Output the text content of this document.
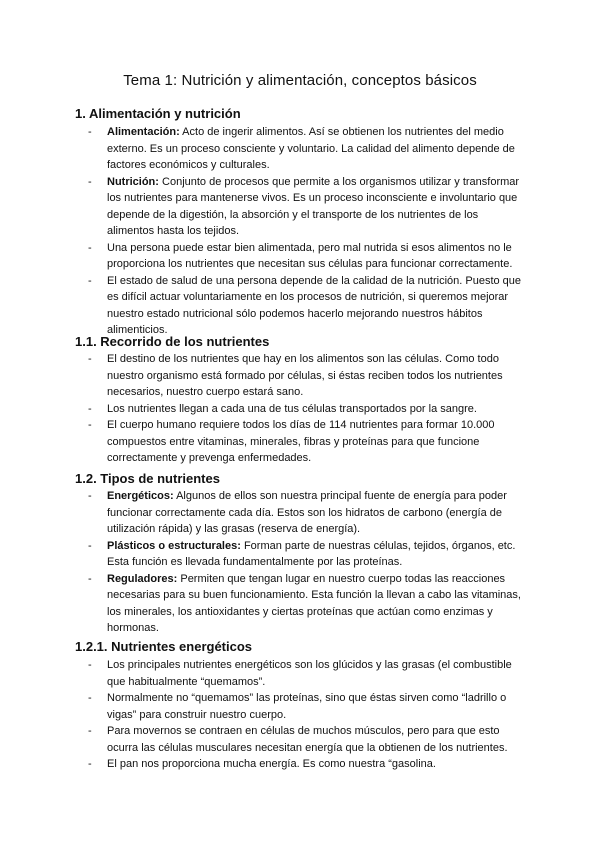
Tema 1: Nutrición y alimentación, conceptos básicos
1. Alimentación y nutrición
- Alimentación: Acto de ingerir alimentos. Así se obtienen los nutrientes del medio externo. Es un proceso consciente y voluntario. La calidad del alimento depende de factores económicos y culturales.
- Nutrición: Conjunto de procesos que permite a los organismos utilizar y transformar los nutrientes para mantenerse vivos. Es un proceso inconsciente e involuntario que depende de la digestión, la absorción y el transporte de los nutrientes de los alimentos hasta los tejidos.
- Una persona puede estar bien alimentada, pero mal nutrida si esos alimentos no le proporciona los nutrientes que necesitan sus células para funcionar correctamente.
- El estado de salud de una persona depende de la calidad de la nutrición. Puesto que es difícil actuar voluntariamente en los procesos de nutrición, si queremos mejorar nuestro estado nutricional sólo podemos hacerlo mejorando nuestros hábitos alimenticios.
1.1. Recorrido de los nutrientes
- El destino de los nutrientes que hay en los alimentos son las células. Como todo nuestro organismo está formado por células, si éstas reciben todos los nutrientes necesarios, nuestro cuerpo estará sano.
- Los nutrientes llegan a cada una de tus células transportados por la sangre.
- El cuerpo humano requiere todos los días de 114 nutrientes para formar 10.000 compuestos entre vitaminas, minerales, fibras y proteínas para que funcione correctamente y prevenga enfermedades.
1.2. Tipos de nutrientes
- Energéticos: Algunos de ellos son nuestra principal fuente de energía para poder funcionar correctamente cada día. Estos son los hidratos de carbono (energía de utilización rápida) y las grasas (reserva de energía).
- Plásticos o estructurales: Forman parte de nuestras células, tejidos, órganos, etc. Esta función es llevada fundamentalmente por las proteínas.
- Reguladores: Permiten que tengan lugar en nuestro cuerpo todas las reacciones necesarias para su buen funcionamiento. Esta función la llevan a cabo las vitaminas, los minerales, los antioxidantes y ciertas proteínas que actúan como enzimas y hormonas.
1.2.1. Nutrientes energéticos
- Los principales nutrientes energéticos son los glúcidos y las grasas (el combustible que habitualmente “quemamos”.
- Normalmente no “quemamos” las proteínas, sino que éstas sirven como “ladrillo o vigas” para construir nuestro cuerpo.
- Para movernos se contraen en células de muchos músculos, pero para que esto ocurra las células musculares necesitan energía que la obtienen de los nutrientes.
- El pan nos proporciona mucha energía. Es como nuestra “gasolina.
